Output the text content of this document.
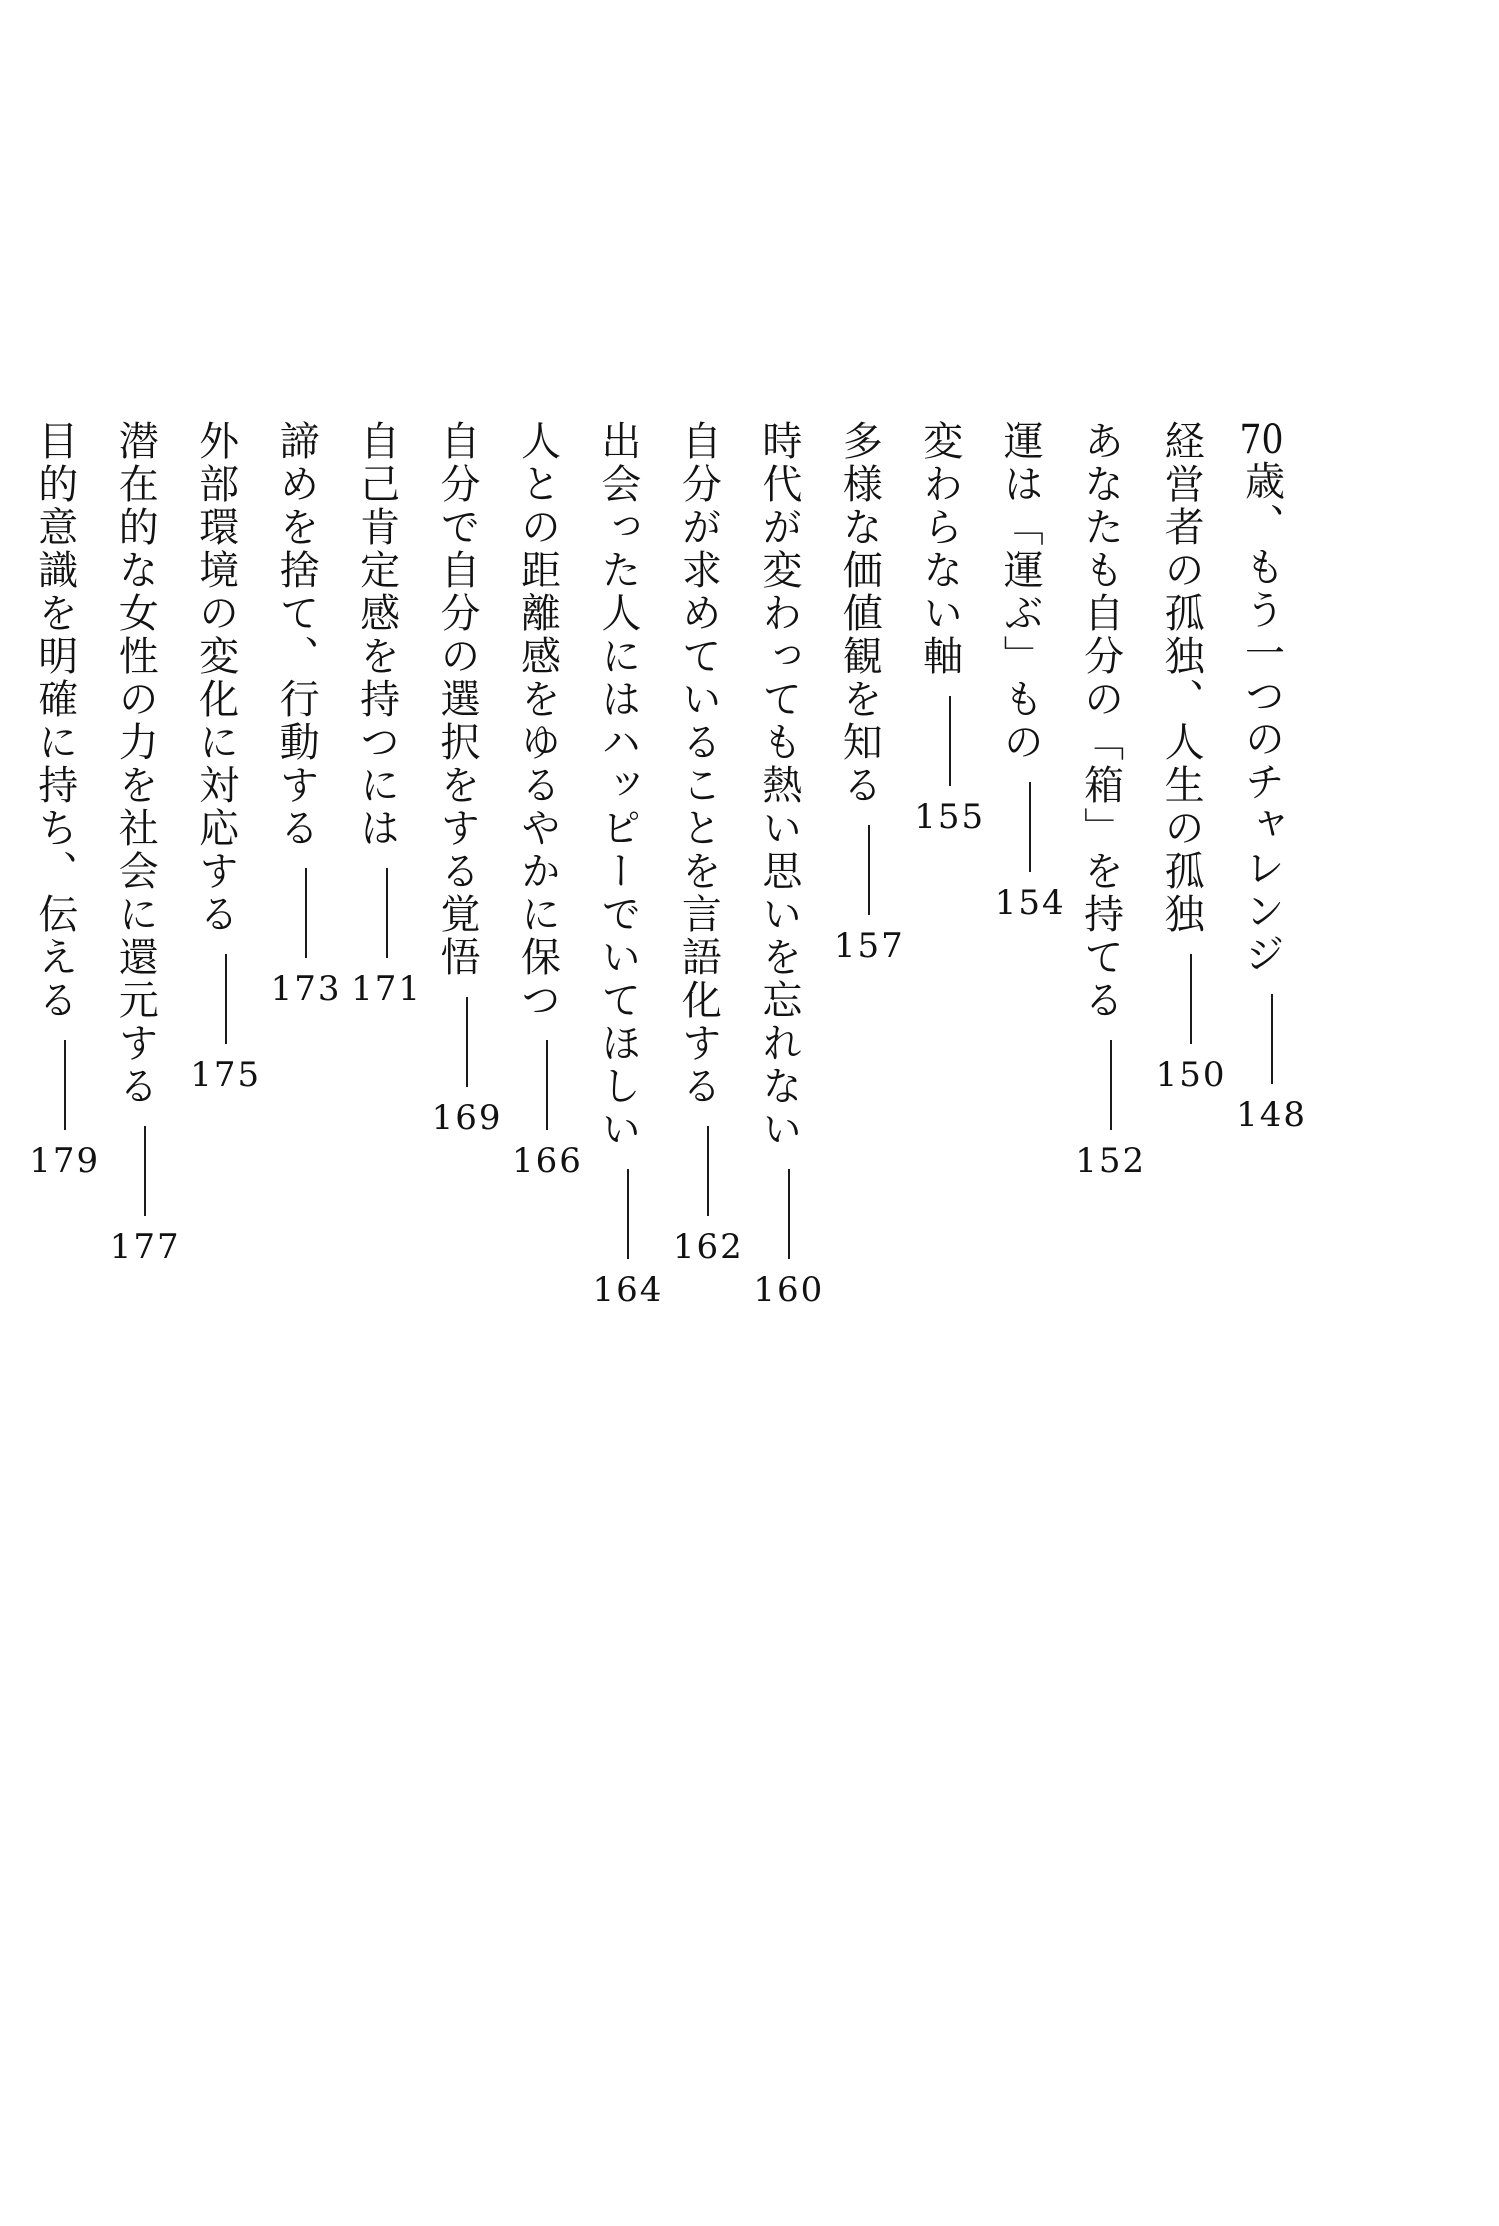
70歳、もう一つのチャレンジ148
経営者の孤独、人生の孤独150
あなたも自分の「箱」を持てる152
運は「運ぶ」もの154
変わらない軸155
多様な価値観を知る157
時代が変わっても熱い思いを忘れない160
自分が求めていることを言語化する162
出会った人にはハッピーでいてほしい164
人との距離感をゆるやかに保つ166
自分で自分の選択をする覚悟169
自己肯定感を持つには171
諦めを捨て、行動する173
外部環境の変化に対応する175
潜在的な女性の力を社会に還元する177
目的意識を明確に持ち、伝える179
